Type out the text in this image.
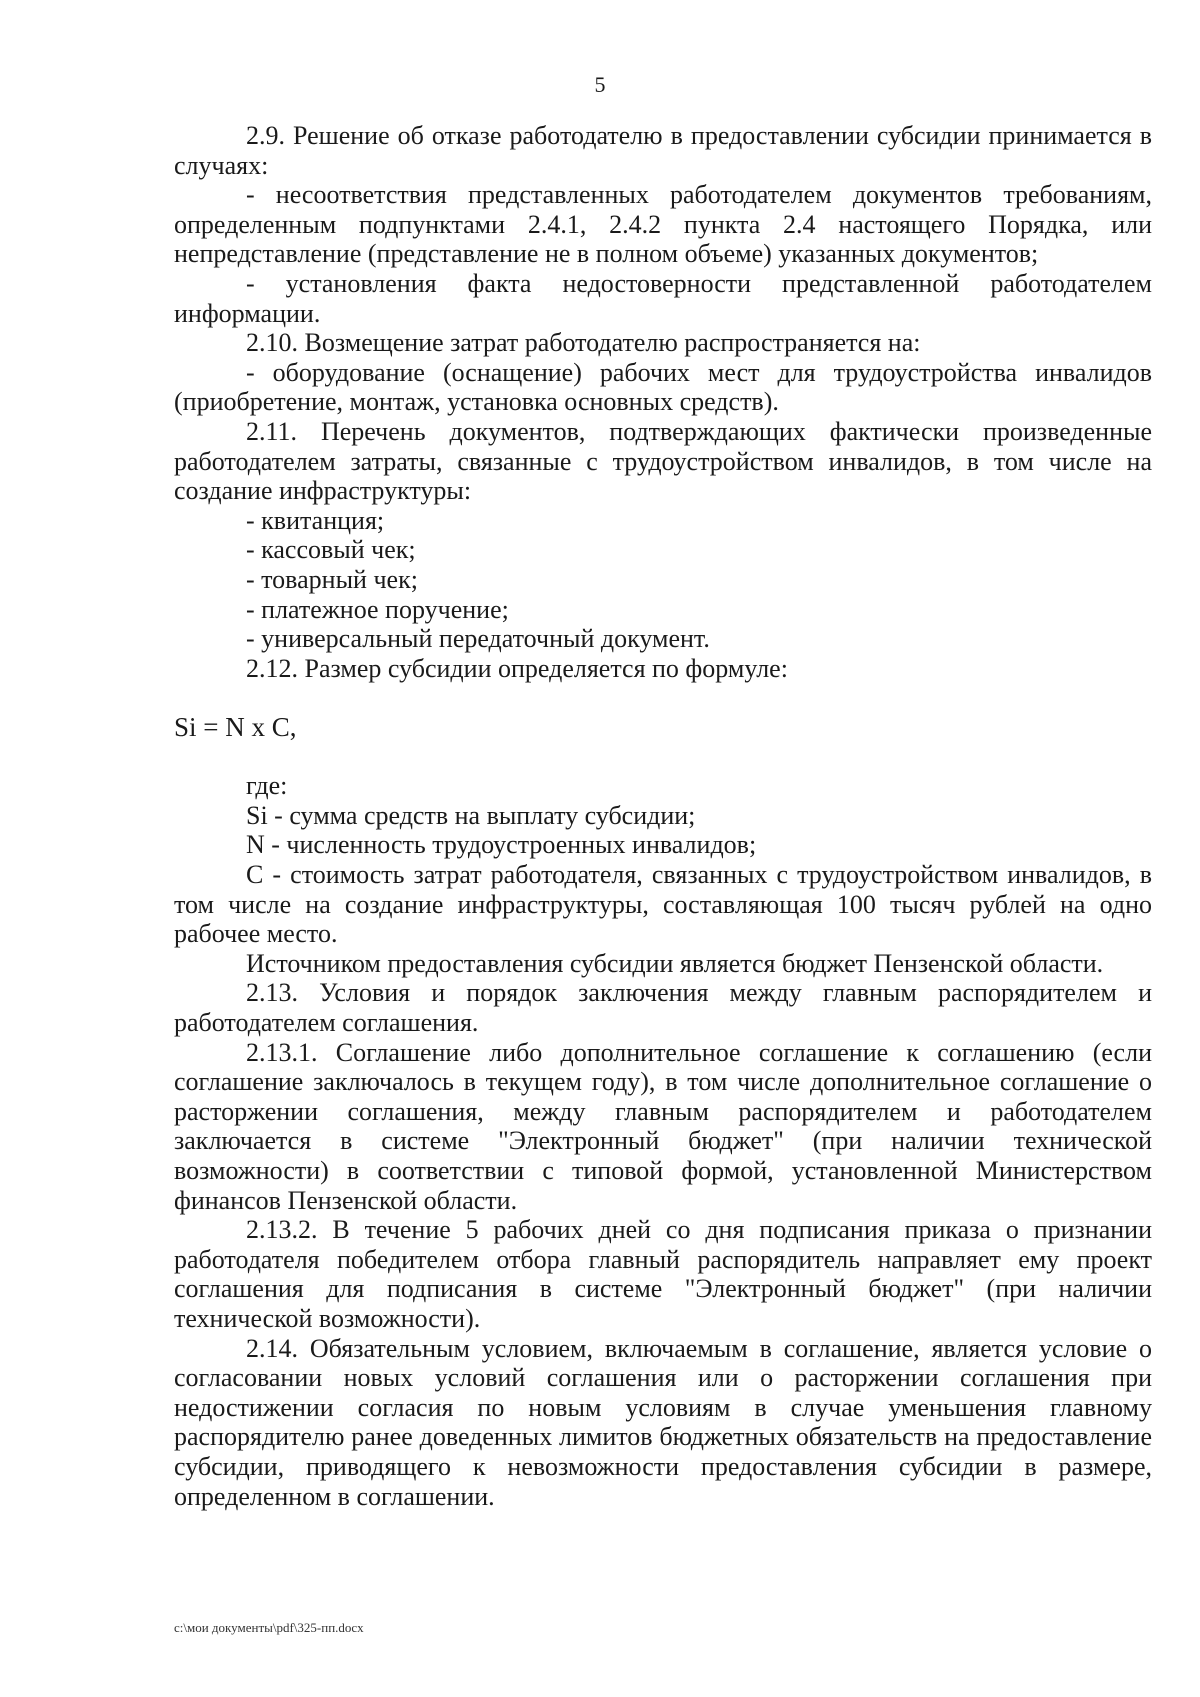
5

2.9. Решение об отказе работодателю в предоставлении субсидии принимается в случаях:

- несоответствия представленных работодателем документов требованиям, определенным подпунктами 2.4.1, 2.4.2 пункта 2.4 настоящего Порядка, или непредставление (представление не в полном объеме) указанных документов;

- установления факта недостоверности представленной работодателем информации.

2.10. Возмещение затрат работодателю распространяется на:

- оборудование (оснащение) рабочих мест для трудоустройства инвалидов (приобретение, монтаж, установка основных средств).

2.11. Перечень документов, подтверждающих фактически произведенные работодателем затраты, связанные с трудоустройством инвалидов, в том числе на создание инфраструктуры:

- квитанция;

- кассовый чек;

- товарный чек;

- платежное поручение;

- универсальный передаточный документ.

2.12. Размер субсидии определяется по формуле:

Si = N x C,

где:

Si - сумма средств на выплату субсидии;

N - численность трудоустроенных инвалидов;

C - стоимость затрат работодателя, связанных с трудоустройством инвалидов, в том числе на создание инфраструктуры, составляющая 100 тысяч рублей на одно рабочее место.

Источником предоставления субсидии является бюджет Пензенской области.

2.13. Условия и порядок заключения между главным распорядителем и работодателем соглашения.

2.13.1. Соглашение либо дополнительное соглашение к соглашению (если соглашение заключалось в текущем году), в том числе дополнительное соглашение о расторжении соглашения, между главным распорядителем и работодателем заключается в системе "Электронный бюджет" (при наличии технической возможности) в соответствии с типовой формой, установленной Министерством финансов Пензенской области.

2.13.2. В течение 5 рабочих дней со дня подписания приказа о признании работодателя победителем отбора главный распорядитель направляет ему проект соглашения для подписания в системе "Электронный бюджет" (при наличии технической возможности).

2.14. Обязательным условием, включаемым в соглашение, является условие о согласовании новых условий соглашения или о расторжении соглашения при недостижении согласия по новым условиям в случае уменьшения главному распорядителю ранее доведенных лимитов бюджетных обязательств на предоставление субсидии, приводящего к невозможности предоставления субсидии в размере, определенном в соглашении.

c:\мои документы\pdf\325-пп.docx
